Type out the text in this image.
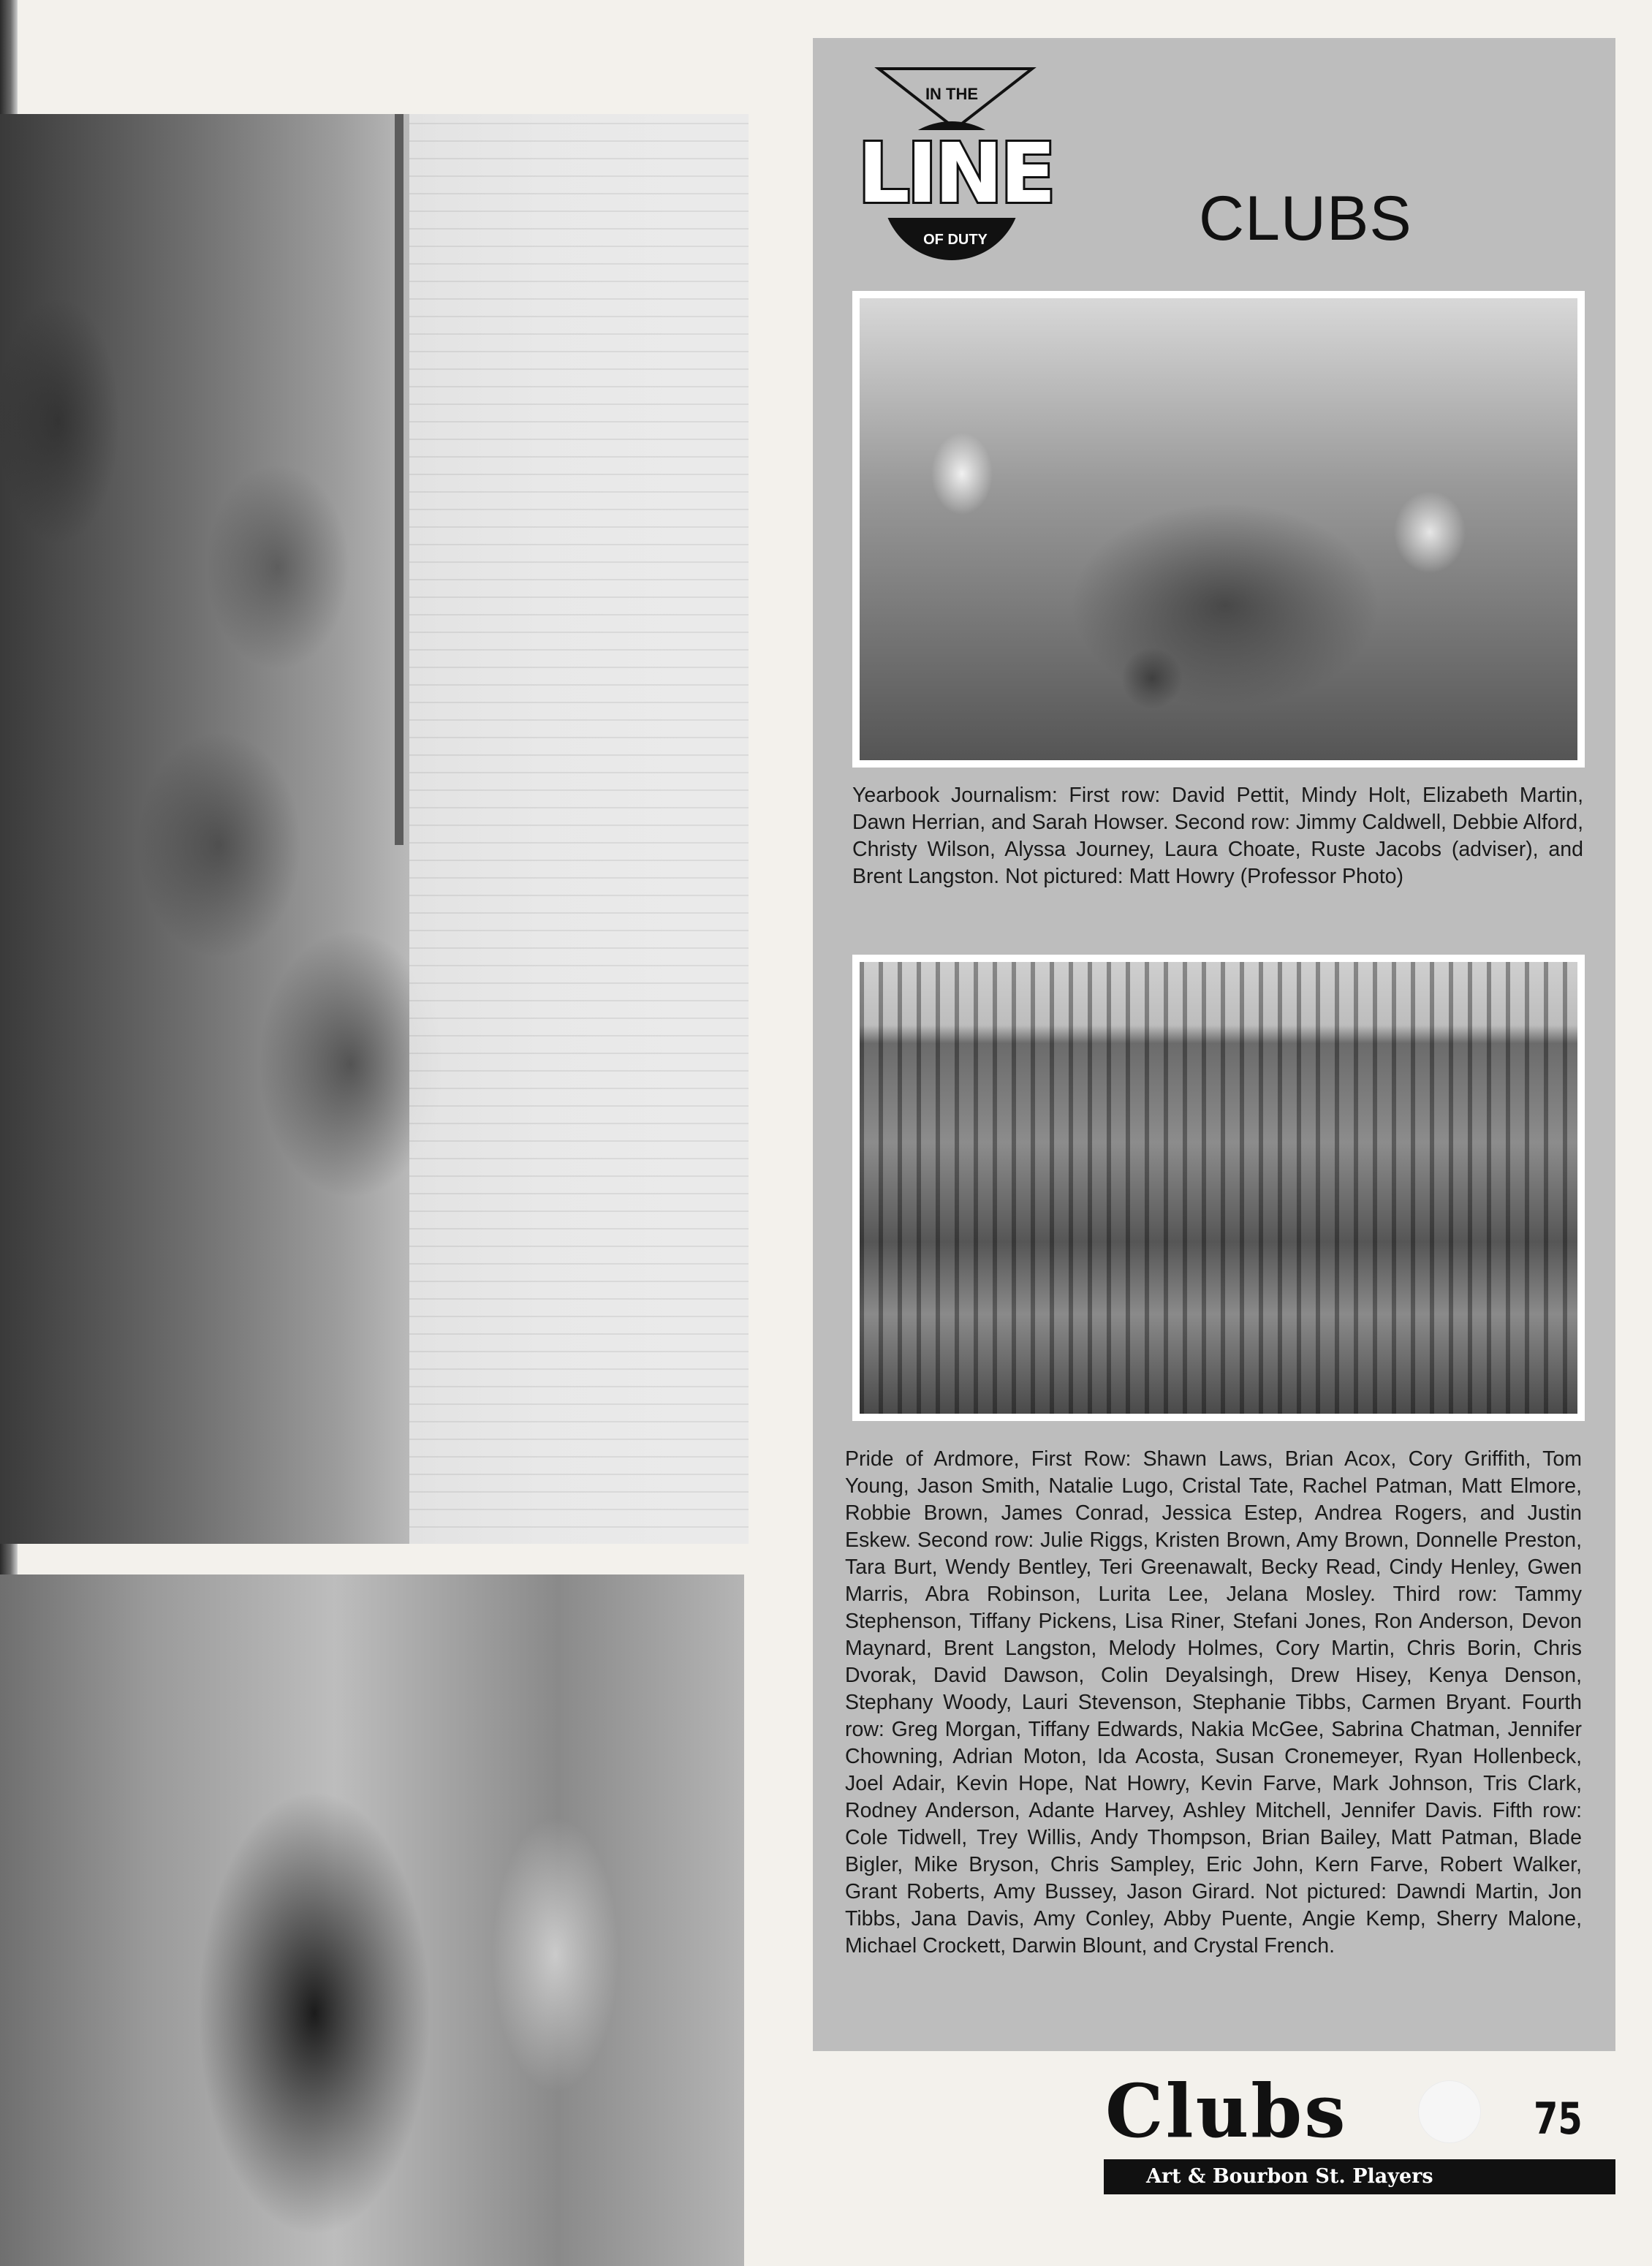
IN THE
LINE
OF DUTY	CLUBS

Yearbook Journalism: First row: David Pettit, Mindy Holt, Elizabeth Martin, Dawn Herrian, and Sarah Howser. Second row: Jimmy Caldwell, Debbie Alford, Christy Wilson, Alyssa Journey, Laura Choate, Ruste Jacobs (adviser), and Brent Langston. Not pictured: Matt Howry (Professor Photo)

Pride of Ardmore, First Row: Shawn Laws, Brian Acox, Cory Griffith, Tom Young, Jason Smith, Natalie Lugo, Cristal Tate, Rachel Patman, Matt Elmore, Robbie Brown, James Conrad, Jessica Estep, Andrea Rogers, and Justin Eskew. Second row: Julie Riggs, Kristen Brown, Amy Brown, Donnelle Preston, Tara Burt, Wendy Bentley, Teri Greenawalt, Becky Read, Cindy Henley, Gwen Marris, Abra Robinson, Lurita Lee, Jelana Mosley. Third row: Tammy Stephenson, Tiffany Pickens, Lisa Riner, Stefani Jones, Ron Anderson, Devon Maynard, Brent Langston, Melody Holmes, Cory Martin, Chris Borin, Chris Dvorak, David Dawson, Colin Deyalsingh, Drew Hisey, Kenya Denson, Stephany Woody, Lauri Stevenson, Stephanie Tibbs, Carmen Bryant. Fourth row: Greg Morgan, Tiffany Edwards, Nakia McGee, Sabrina Chatman, Jennifer Chowning, Adrian Moton, Ida Acosta, Susan Cronemeyer, Ryan Hollenbeck, Joel Adair, Kevin Hope, Nat Howry, Kevin Farve, Mark Johnson, Tris Clark, Rodney Anderson, Adante Harvey, Ashley Mitchell, Jennifer Davis. Fifth row: Cole Tidwell, Trey Willis, Andy Thompson, Brian Bailey, Matt Patman, Blade Bigler, Mike Bryson, Chris Sampley, Eric John, Kern Farve, Robert Walker, Grant Roberts, Amy Bussey, Jason Girard. Not pictured: Dawndi Martin, Jon Tibbs, Jana Davis, Amy Conley, Abby Puente, Angie Kemp, Sherry Malone, Michael Crockett, Darwin Blount, and Crystal French.

Clubs	75
Art & Bourbon St. Players
